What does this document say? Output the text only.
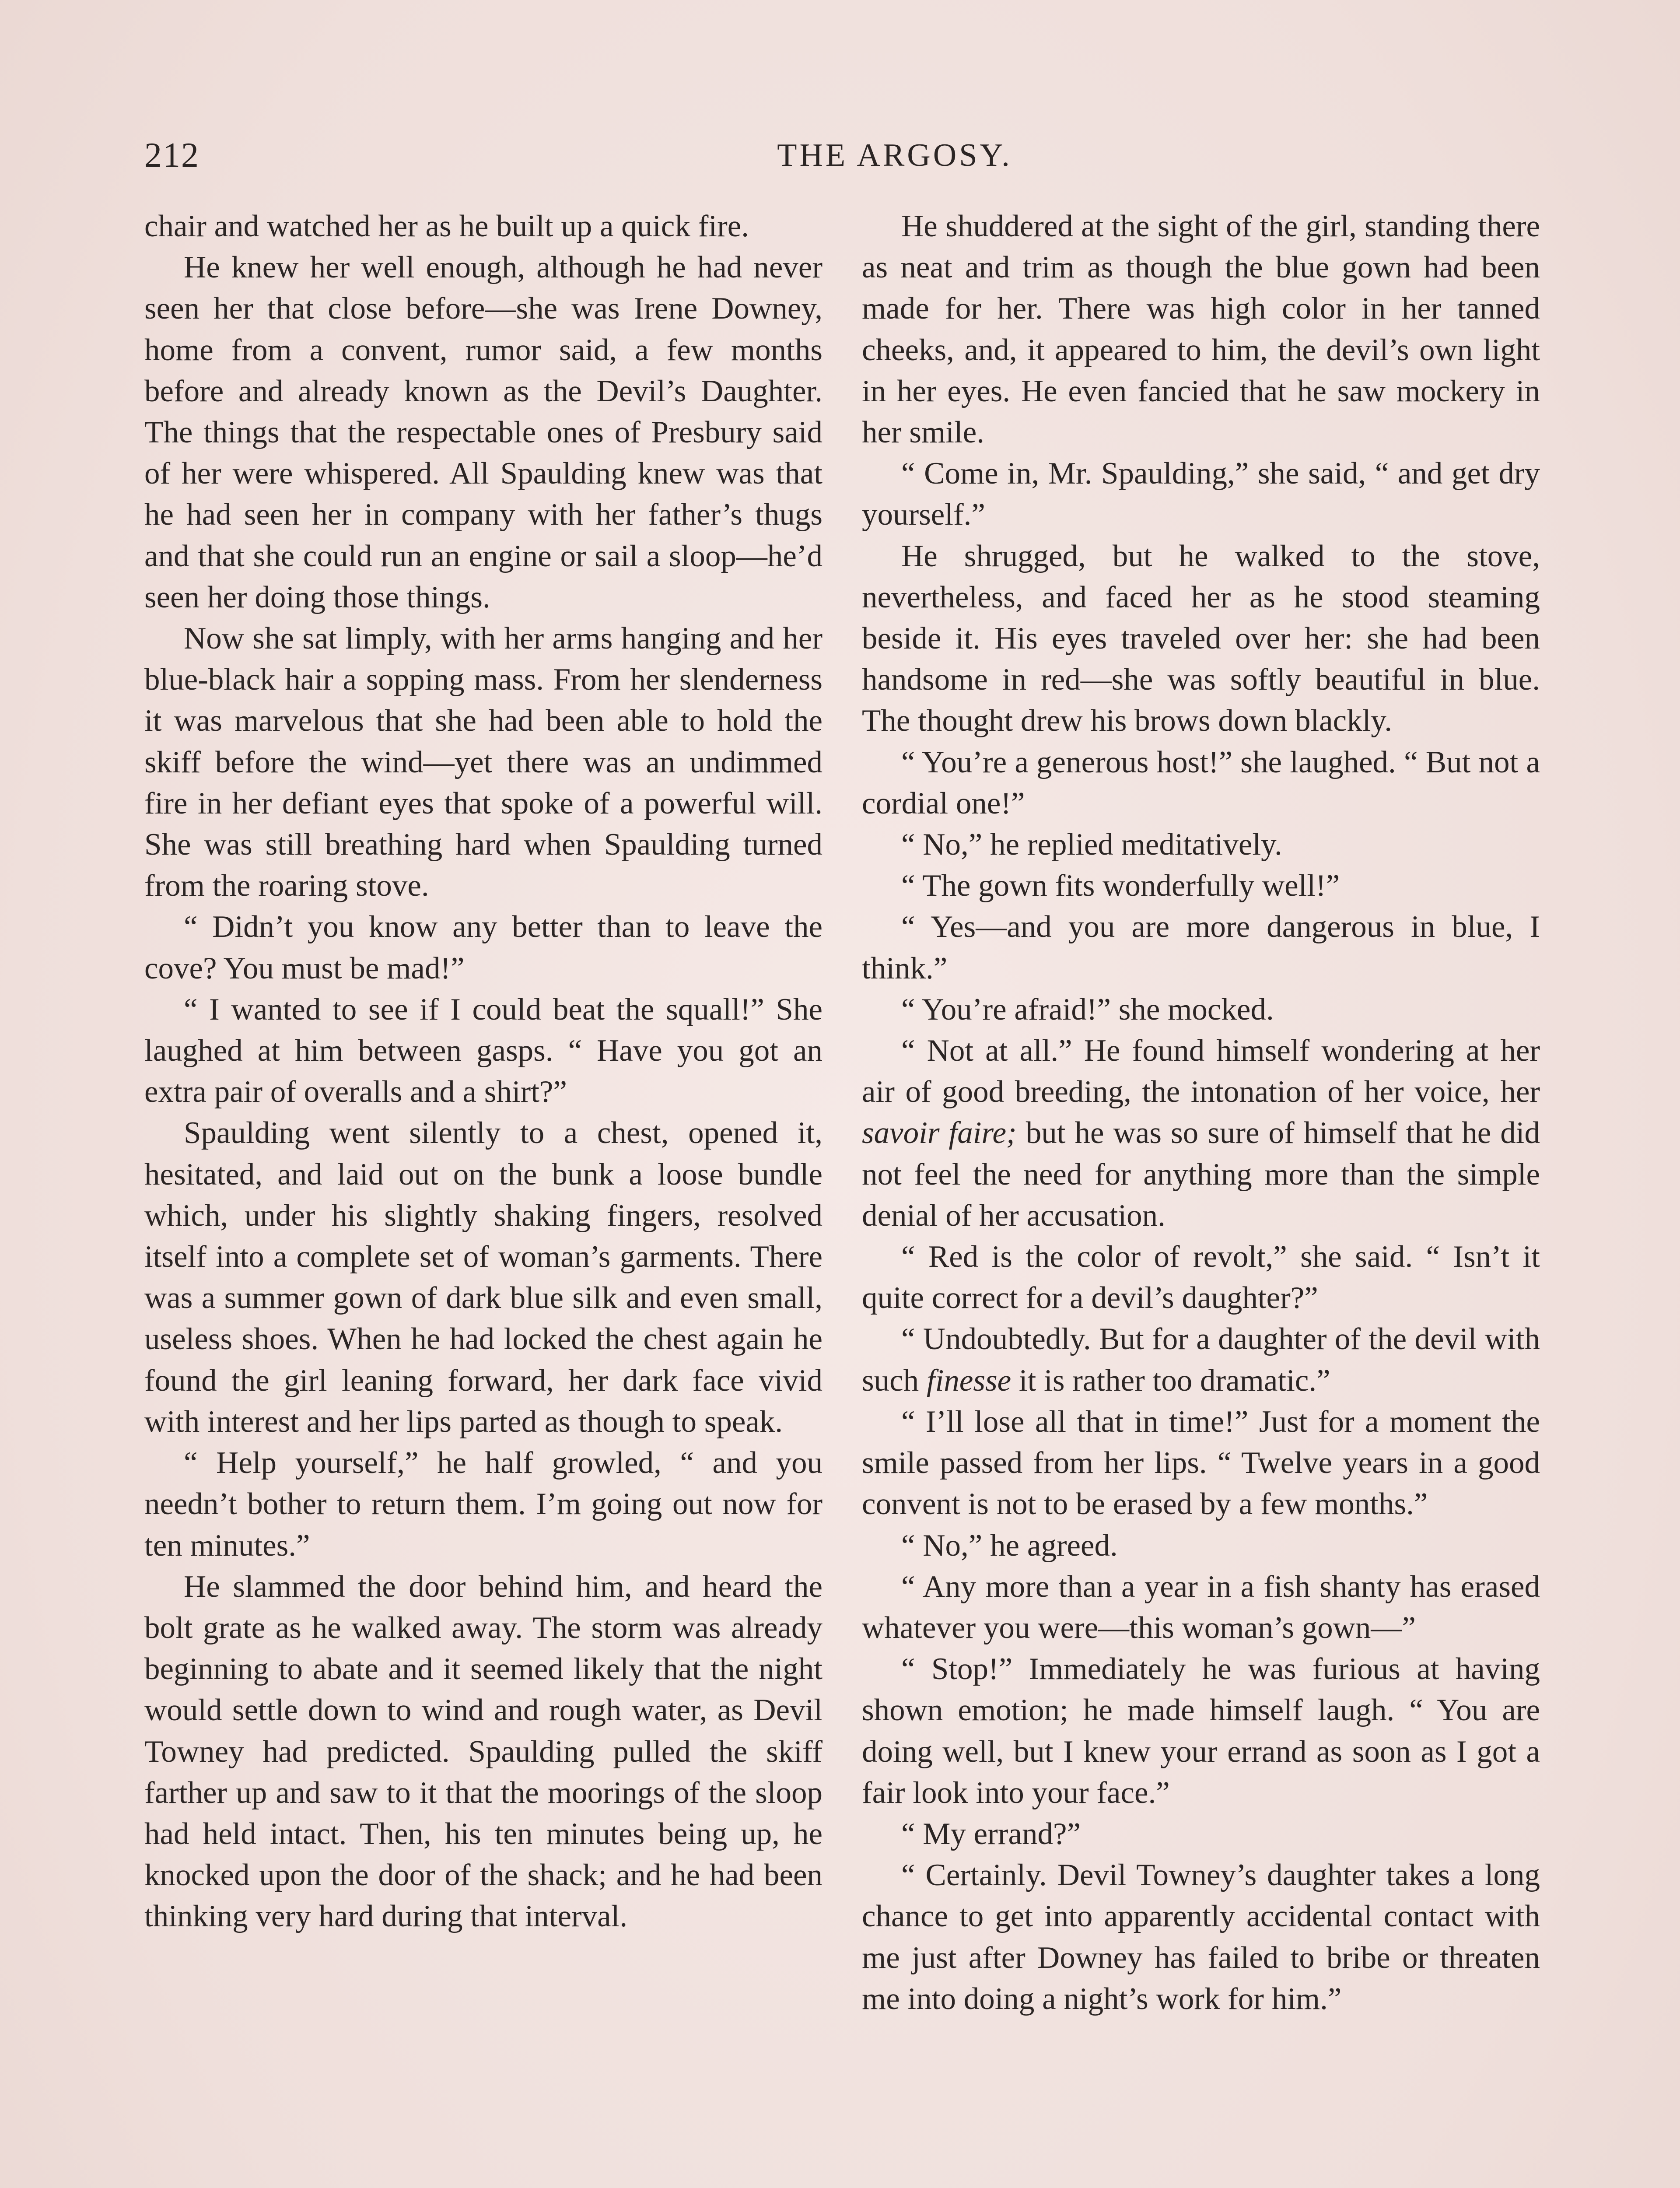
212	THE ARGOSY.

chair and watched her as he built up a quick fire.

He knew her well enough, although he had never seen her that close before—she was Irene Downey, home from a convent, rumor said, a few months before and already known as the Devil’s Daughter. The things that the respectable ones of Presbury said of her were whispered. All Spaulding knew was that he had seen her in company with her father’s thugs and that she could run an engine or sail a sloop—he’d seen her doing those things.

Now she sat limply, with her arms hanging and her blue-black hair a sopping mass. From her slenderness it was marvelous that she had been able to hold the skiff before the wind—yet there was an undimmed fire in her defiant eyes that spoke of a powerful will. She was still breathing hard when Spaulding turned from the roaring stove.

“ Didn’t you know any better than to leave the cove? You must be mad!”

“ I wanted to see if I could beat the squall!” She laughed at him between gasps. “ Have you got an extra pair of overalls and a shirt?”

Spaulding went silently to a chest, opened it, hesitated, and laid out on the bunk a loose bundle which, under his slightly shaking fingers, resolved itself into a complete set of woman’s garments. There was a summer gown of dark blue silk and even small, useless shoes. When he had locked the chest again he found the girl leaning forward, her dark face vivid with interest and her lips parted as though to speak.

“ Help yourself,” he half growled, “ and you needn’t bother to return them. I’m going out now for ten minutes.”

He slammed the door behind him, and heard the bolt grate as he walked away. The storm was already beginning to abate and it seemed likely that the night would settle down to wind and rough water, as Devil Towney had predicted. Spaulding pulled the skiff farther up and saw to it that the moorings of the sloop had held intact. Then, his ten minutes being up, he knocked upon the door of the shack; and he had been thinking very hard during that interval.

He shuddered at the sight of the girl, standing there as neat and trim as though the blue gown had been made for her. There was high color in her tanned cheeks, and, it appeared to him, the devil’s own light in her eyes. He even fancied that he saw mockery in her smile.

“ Come in, Mr. Spaulding,” she said, “ and get dry yourself.”

He shrugged, but he walked to the stove, nevertheless, and faced her as he stood steaming beside it. His eyes traveled over her: she had been handsome in red—she was softly beautiful in blue. The thought drew his brows down blackly.

“ You’re a generous host!” she laughed. “ But not a cordial one!”

“ No,” he replied meditatively.

“ The gown fits wonderfully well!”

“ Yes—and you are more dangerous in blue, I think.”

“ You’re afraid!” she mocked.

“ Not at all.” He found himself wondering at her air of good breeding, the intonation of her voice, her savoir faire; but he was so sure of himself that he did not feel the need for anything more than the simple denial of her accusation.

“ Red is the color of revolt,” she said. “ Isn’t it quite correct for a devil’s daughter?”

“ Undoubtedly. But for a daughter of the devil with such finesse it is rather too dramatic.”

“ I’ll lose all that in time!” Just for a moment the smile passed from her lips. “ Twelve years in a good convent is not to be erased by a few months.”

“ No,” he agreed.

“ Any more than a year in a fish shanty has erased whatever you were—this woman’s gown—”

“ Stop!” Immediately he was furious at having shown emotion; he made himself laugh. “ You are doing well, but I knew your errand as soon as I got a fair look into your face.”

“ My errand?”

“ Certainly. Devil Towney’s daughter takes a long chance to get into apparently accidental contact with me just after Downey has failed to bribe or threaten me into doing a night’s work for him.”
